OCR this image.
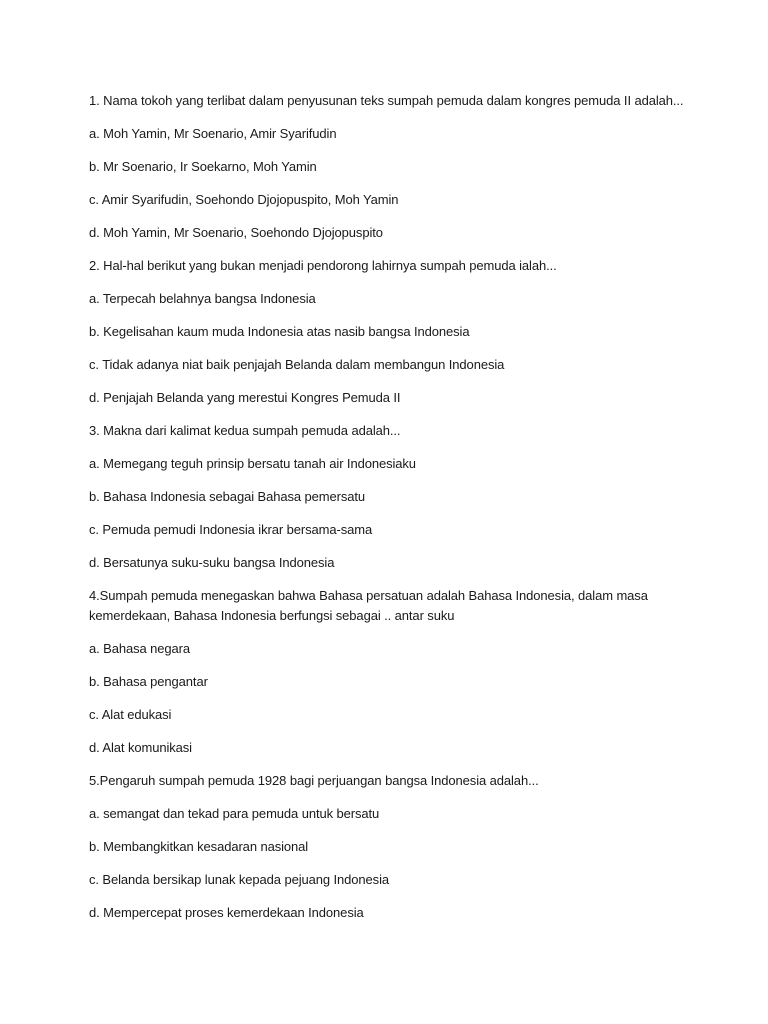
1. Nama tokoh yang terlibat dalam penyusunan teks sumpah pemuda dalam kongres pemuda II adalah...

a. Moh Yamin, Mr Soenario, Amir Syarifudin

b. Mr Soenario, Ir Soekarno, Moh Yamin

c. Amir Syarifudin, Soehondo Djojopuspito, Moh Yamin

d. Moh Yamin, Mr Soenario, Soehondo Djojopuspito

2. Hal-hal berikut yang bukan menjadi pendorong lahirnya sumpah pemuda ialah...

a. Terpecah belahnya bangsa Indonesia

b. Kegelisahan kaum muda Indonesia atas nasib bangsa Indonesia

c. Tidak adanya niat baik penjajah Belanda dalam membangun Indonesia

d. Penjajah Belanda yang merestui Kongres Pemuda II

3. Makna dari kalimat kedua sumpah pemuda adalah...

a. Memegang teguh prinsip bersatu tanah air Indonesiaku

b. Bahasa Indonesia sebagai Bahasa pemersatu

c. Pemuda pemudi Indonesia ikrar bersama-sama

d. Bersatunya suku-suku bangsa Indonesia

4.Sumpah pemuda menegaskan bahwa Bahasa persatuan adalah Bahasa Indonesia, dalam masa

kemerdekaan, Bahasa Indonesia berfungsi sebagai .. antar suku

a. Bahasa negara

b. Bahasa pengantar

c. Alat edukasi

d. Alat komunikasi

5.Pengaruh sumpah pemuda 1928 bagi perjuangan bangsa Indonesia adalah...

a. semangat dan tekad para pemuda untuk bersatu

b. Membangkitkan kesadaran nasional

c. Belanda bersikap lunak kepada pejuang Indonesia

d. Mempercepat proses kemerdekaan Indonesia
